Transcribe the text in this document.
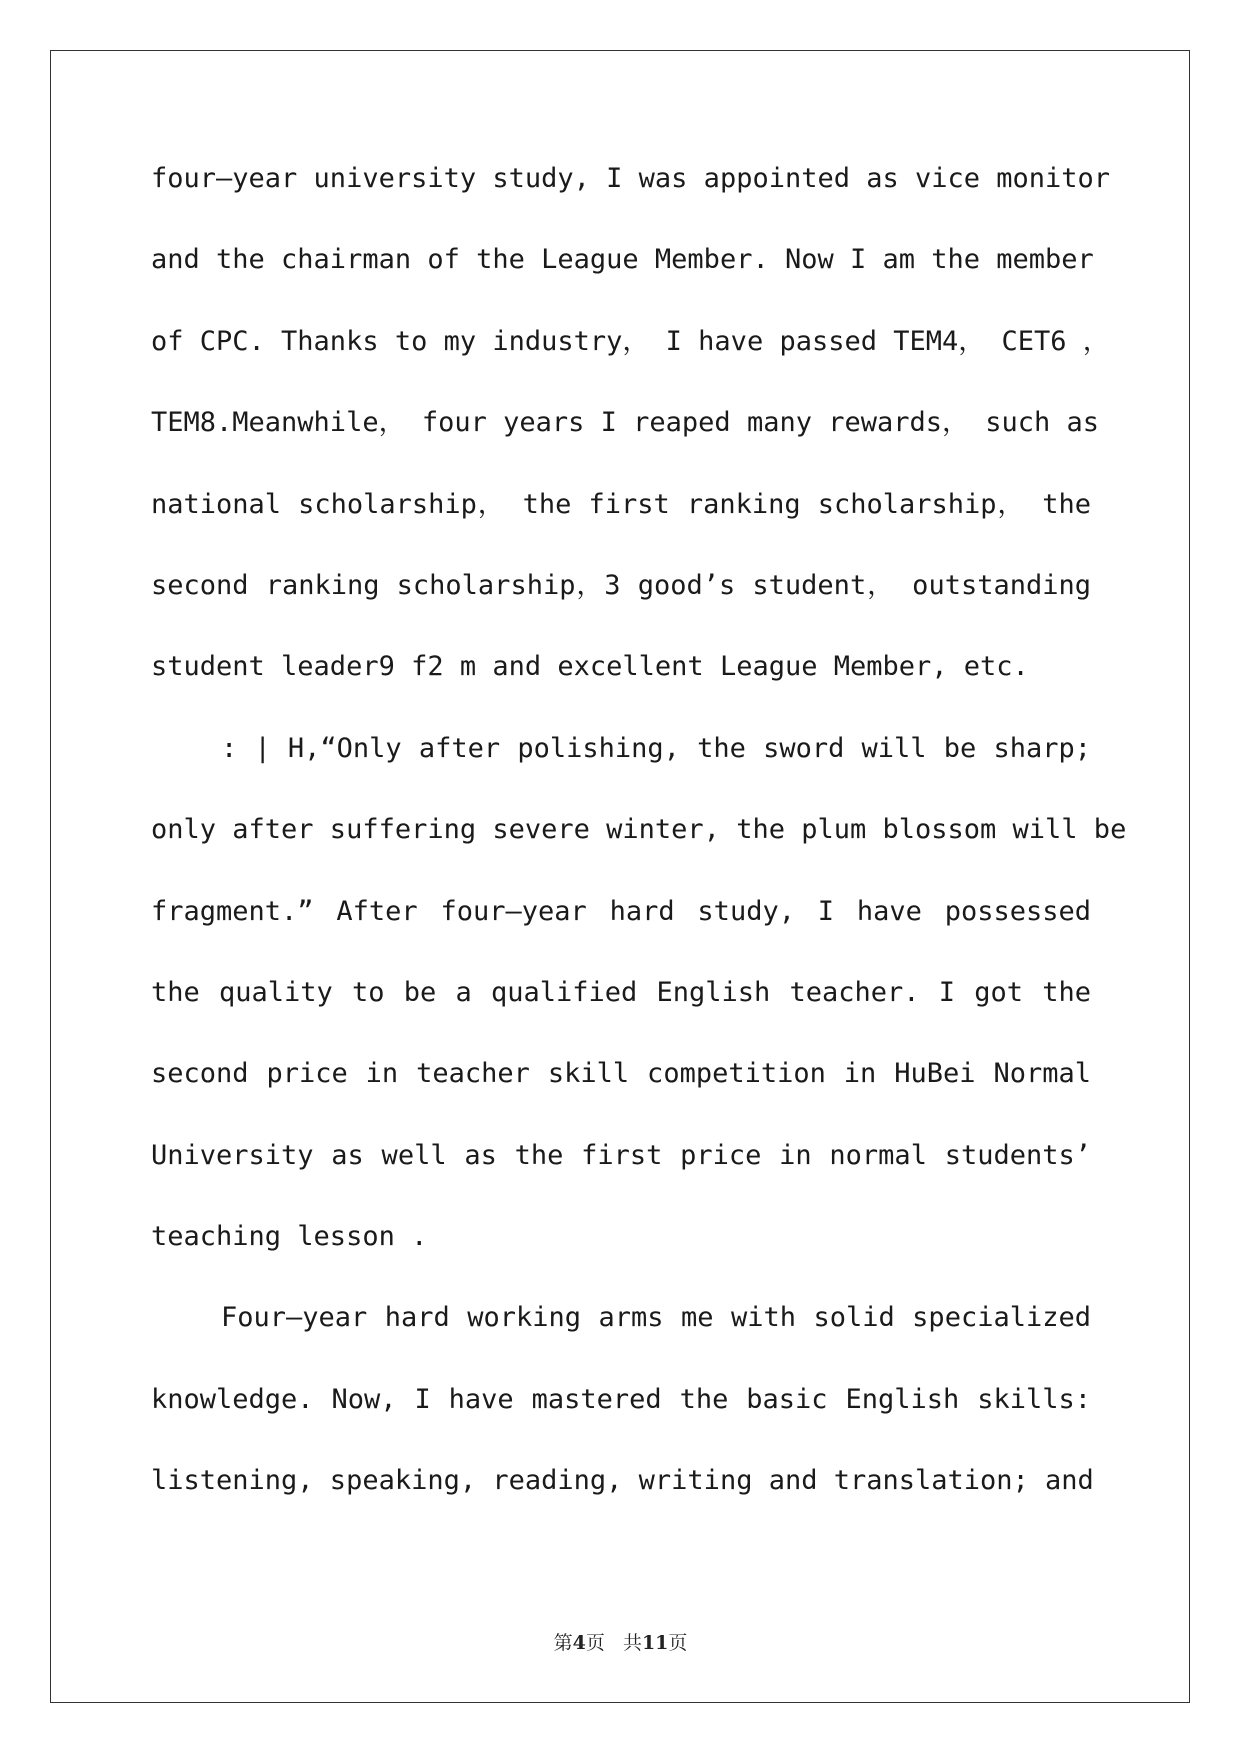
four—year university study, I was appointed as vice monitor
and the chairman of the League Member. Now I am the member
of CPC. Thanks to my industry， I have passed TEM4， CET6 ，
TEM8.Meanwhile， four years I reaped many rewards， such as
national scholarship， the first ranking scholarship， the
second ranking scholarship，3 good’s student， outstanding
student leader9 f2 m and excellent League Member, etc.
: | H,“Only after polishing, the sword will be sharp;
only after suffering severe winter, the plum blossom will be
fragment.” After four—year hard study, I have possessed
the quality to be a qualified English teacher. I got the
second price in teacher skill competition in HuBei Normal
University as well as the first price in normal students’
teaching lesson .
Four—year hard working arms me with solid specialized
knowledge. Now, I have mastered the basic English skills:
listening, speaking, reading, writing and translation; and
第4页   共11页
